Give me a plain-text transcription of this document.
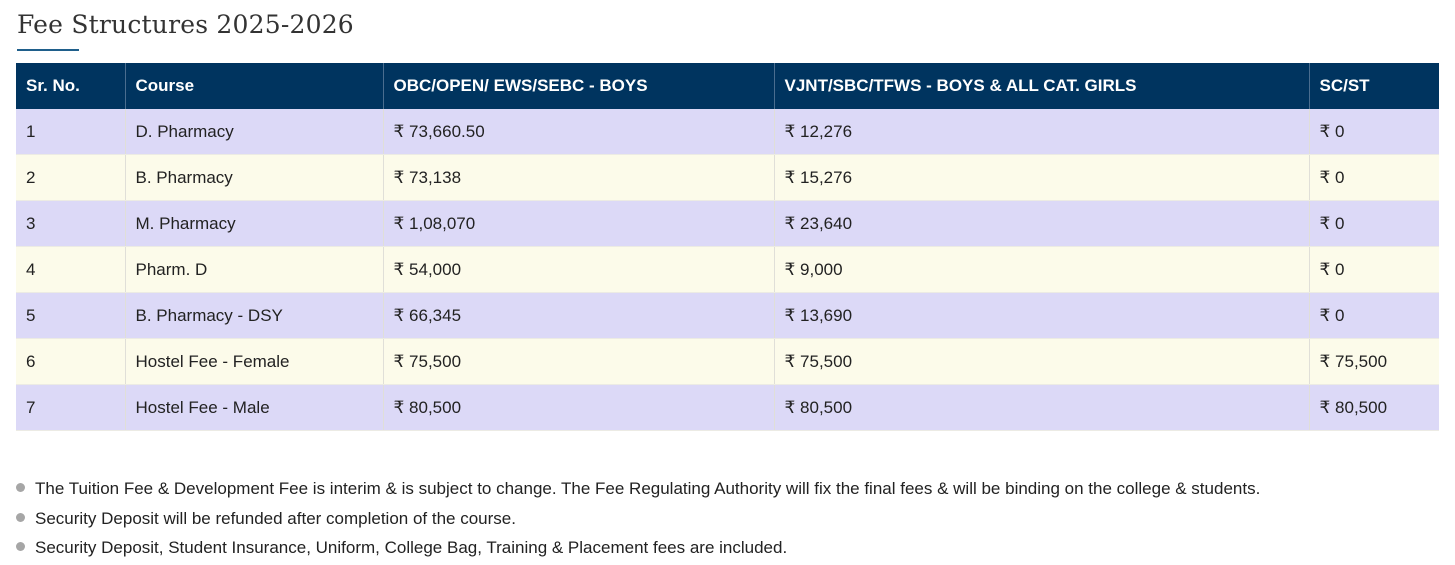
Fee Structures 2025-2026
Sr. No.	Course	OBC/OPEN/ EWS/SEBC - BOYS	VJNT/SBC/TFWS - BOYS & ALL CAT. GIRLS	SC/ST
1	D. Pharmacy	₹ 73,660.50	₹ 12,276	₹ 0
2	B. Pharmacy	₹ 73,138	₹ 15,276	₹ 0
3	M. Pharmacy	₹ 1,08,070	₹ 23,640	₹ 0
4	Pharm. D	₹ 54,000	₹ 9,000	₹ 0
5	B. Pharmacy - DSY	₹ 66,345	₹ 13,690	₹ 0
6	Hostel Fee - Female	₹ 75,500	₹ 75,500	₹ 75,500
7	Hostel Fee - Male	₹ 80,500	₹ 80,500	₹ 80,500
The Tuition Fee & Development Fee is interim & is subject to change. The Fee Regulating Authority will fix the final fees & will be binding on the college & students.
Security Deposit will be refunded after completion of the course.
Security Deposit, Student Insurance, Uniform, College Bag, Training & Placement fees are included.
